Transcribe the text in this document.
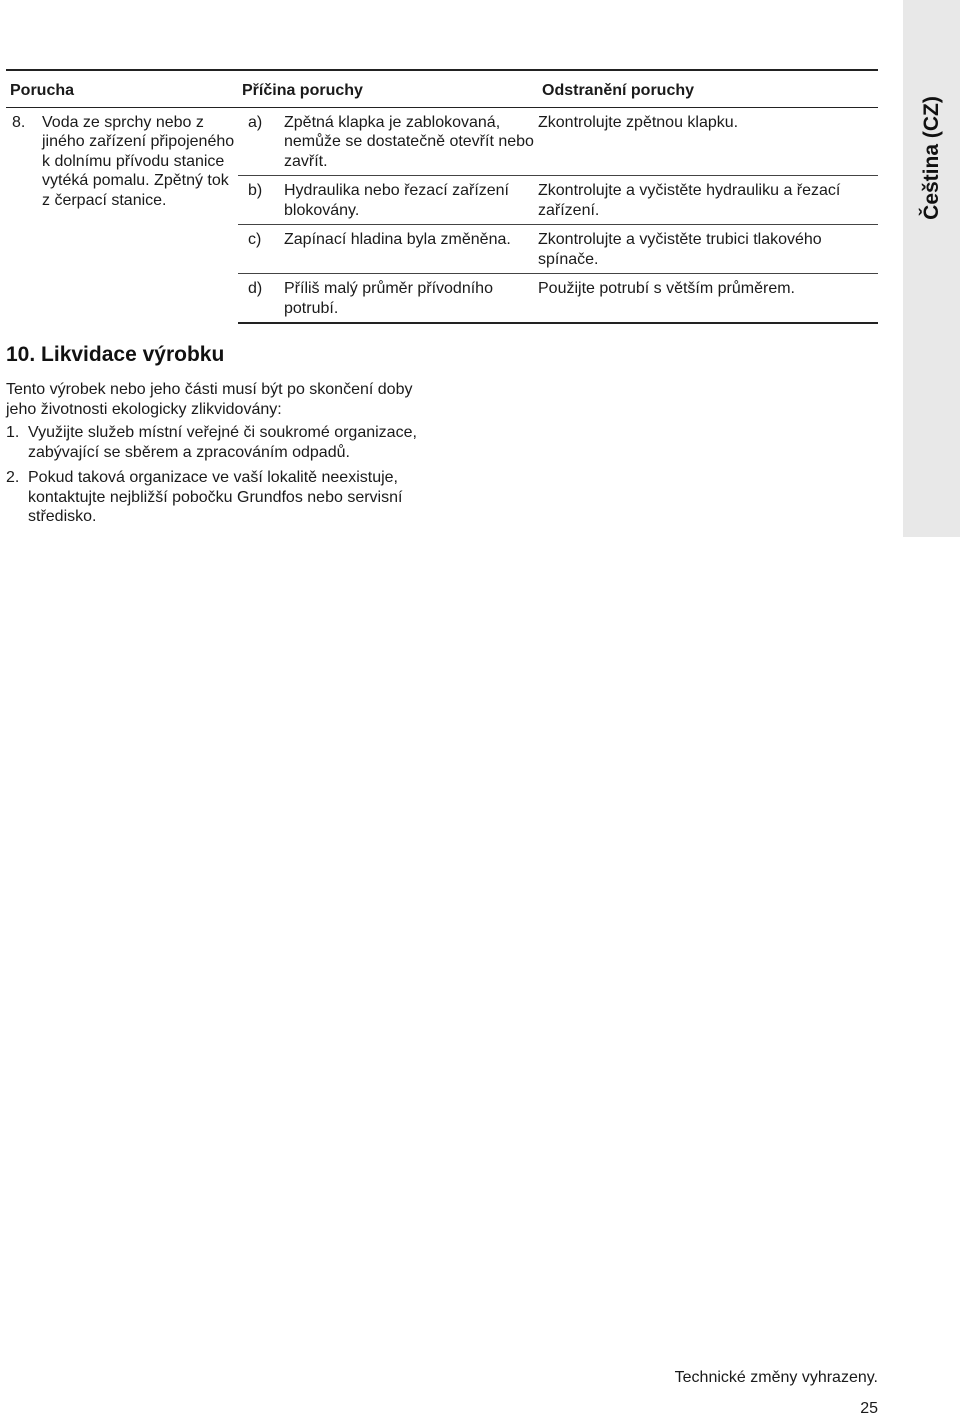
Čeština (CZ)
Porucha		Příčina poruchy		Odstranění poruchy
8.	Voda ze sprchy nebo z jiného zařízení připojeného k dolnímu přívodu stanice vytéká pomalu. Zpětný tok z čerpací stanice.	a)	Zpětná klapka je zablokovaná, nemůže se dostatečně otevřít nebo zavřít.	Zkontrolujte zpětnou klapku.
		b)	Hydraulika nebo řezací zařízení blokovány.	Zkontrolujte a vyčistěte hydrauliku a řezací zařízení.
		c)	Zapínací hladina byla změněna.	Zkontrolujte a vyčistěte trubici tlakového spínače.
		d)	Příliš malý průměr přívodního potrubí.	Použijte potrubí s větším průměrem.
10. Likvidace výrobku

Tento výrobek nebo jeho části musí být po skončení doby jeho životnosti ekologicky zlikvidovány:

1. Využijte služeb místní veřejné či soukromé organizace, zabývající se sběrem a zpracováním odpadů.
2. Pokud taková organizace ve vaší lokalitě neexistuje, kontaktujte nejbližší pobočku Grundfos nebo servisní středisko.
Technické změny vyhrazeny.
25
